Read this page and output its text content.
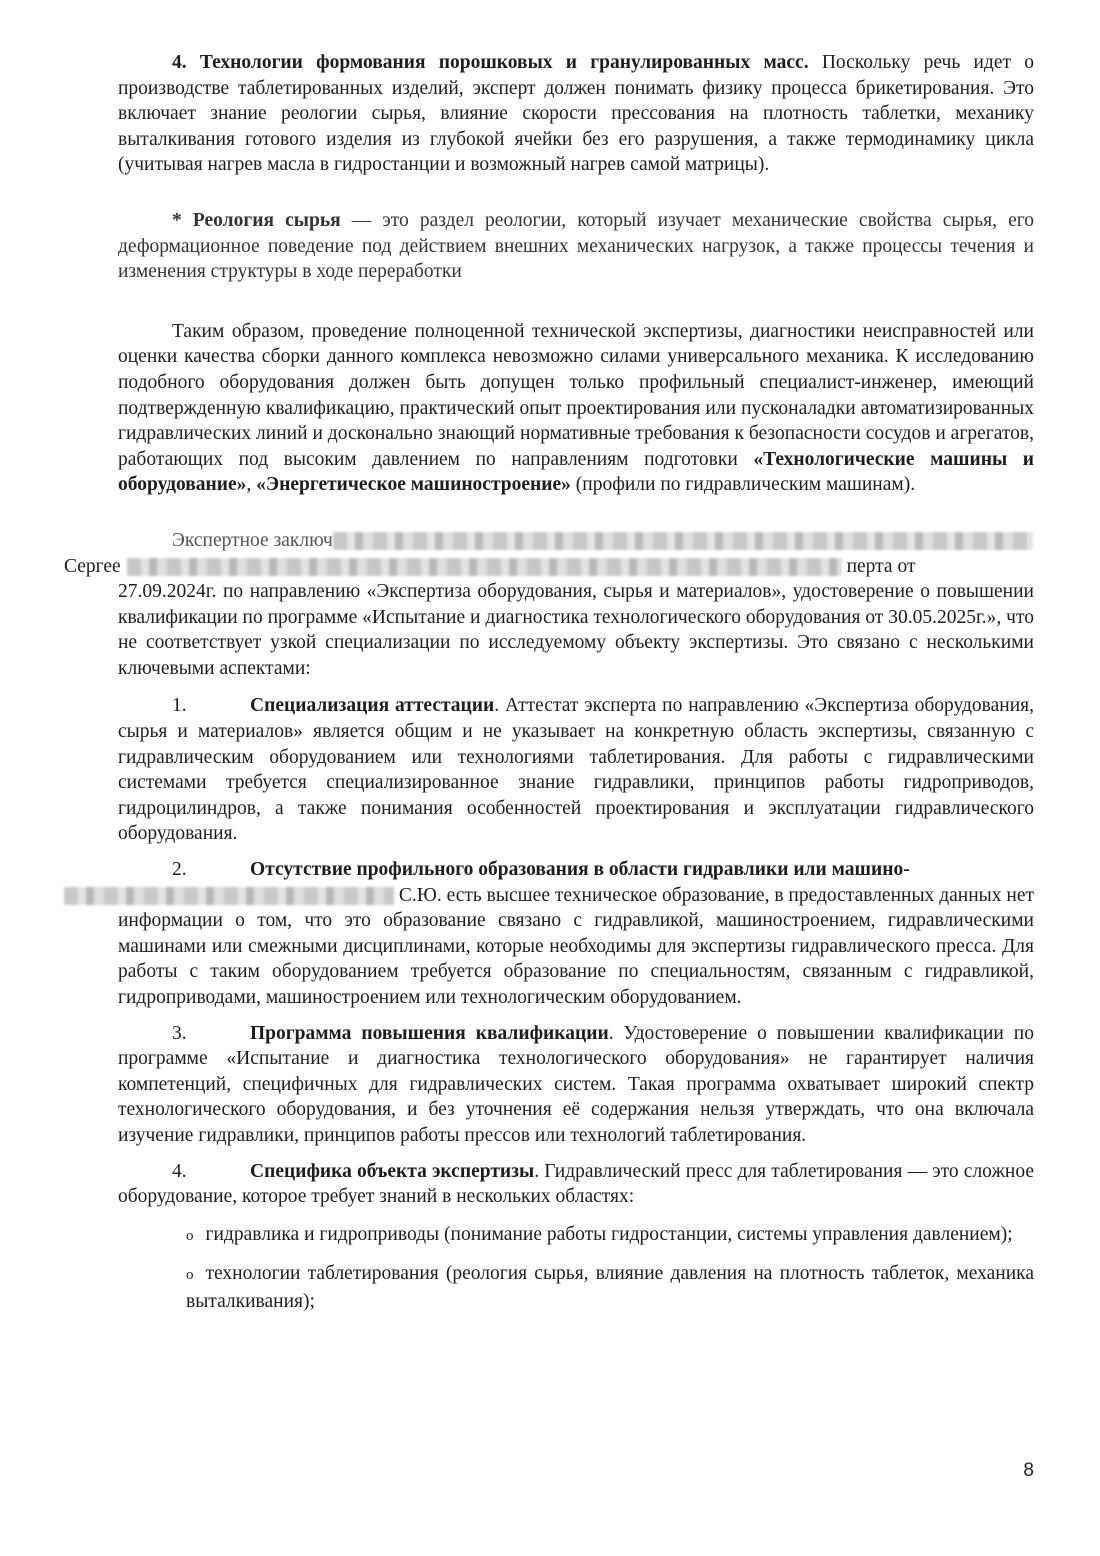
4. Технологии формования порошковых и гранулированных масс. Поскольку речь идет о производстве таблетированных изделий, эксперт должен понимать физику процесса брикетирования. Это включает знание реологии сырья, влияние скорости прессования на плотность таблетки, механику выталкивания готового изделия из глубокой ячейки без его разрушения, а также термодинамику цикла (учитывая нагрев масла в гидростанции и возможный нагрев самой матрицы).

* Реология сырья — это раздел реологии, который изучает механические свойства сырья, его деформационное поведение под действием внешних механических нагрузок, а также процессы течения и изменения структуры в ходе переработки

Таким образом, проведение полноценной технической экспертизы, диагностики неисправностей или оценки качества сборки данного комплекса невозможно силами универсального механика. К исследованию подобного оборудования должен быть допущен только профильный специалист-инженер, имеющий подтвержденную квалификацию, практический опыт проектирования или пусконаладки автоматизированных гидравлических линий и досконально знающий нормативные требования к безопасности сосудов и агрегатов, работающих под высоким давлением по направлениям подготовки «Технологические машины и оборудование», «Энергетическое машиностроение» (профили по гидравлическим машинам).

Экспертное заключ
Сергее	перта от

27.09.2024г. по направлению «Экспертиза оборудования, сырья и материалов», удостоверение о повышении квалификации по программе «Испытание и диагностика технологического оборудования от 30.05.2025г.», что не соответствует узкой специализации по исследуемому объекту экспертизы. Это связано с несколькими ключевыми аспектами:

1.	Специализация аттестации. Аттестат эксперта по направлению «Экспертиза оборудования, сырья и материалов» является общим и не указывает на конкретную область экспертизы, связанную с гидравлическим оборудованием или технологиями таблетирования. Для работы с гидравлическими системами требуется специализированное знание гидравлики, принципов работы гидроприводов, гидроцилиндров, а также понимания особенностей проектирования и эксплуатации гидравлического оборудования.

2.	Отсутствие профильного образования в области гидравлики или машино-
С.Ю. есть высшее техническое образование, в предоставленных данных нет информации о том, что это образование связано с гидравликой, машиностроением, гидравлическими машинами или смежными дисциплинами, которые необходимы для экспертизы гидравлического пресса. Для работы с таким оборудованием требуется образование по специальностям, связанным с гидравликой, гидроприводами, машиностроением или технологическим оборудованием.

3.	Программа повышения квалификации. Удостоверение о повышении квалификации по программе «Испытание и диагностика технологического оборудования» не гарантирует наличия компетенций, специфичных для гидравлических систем. Такая программа охватывает широкий спектр технологического оборудования, и без уточнения её содержания нельзя утверждать, что она включала изучение гидравлики, принципов работы прессов или технологий таблетирования.

4.	Специфика объекта экспертизы. Гидравлический пресс для таблетирования — это сложное оборудование, которое требует знаний в нескольких областях:

o гидравлика и гидроприводы (понимание работы гидростанции, системы управления давлением);

o технологии таблетирования (реология сырья, влияние давления на плотность таблеток, механика выталкивания);

8
